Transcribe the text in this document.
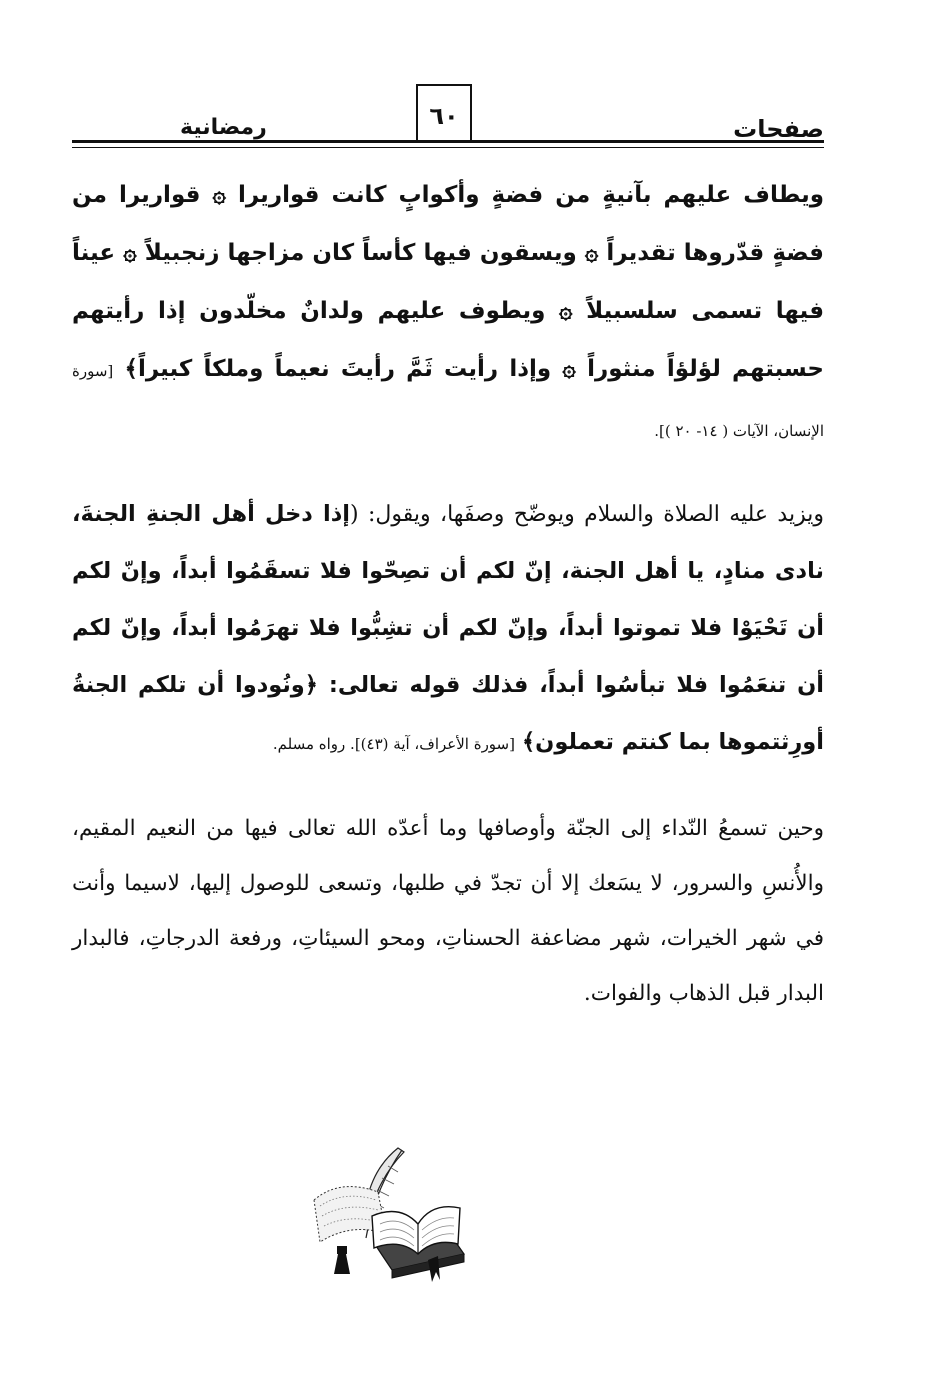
صفحات
٦٠
رمضانية

ويطاف عليهم بآنيةٍ من فضةٍ وأكوابٍ كانت قواريرا ۞ قواريرا من فضةٍ قدّروها تقديراً ۞ ويسقون فيها كأساً كان مزاجها زنجبيلاً ۞ عيناً فيها تسمى سلسبيلاً ۞ ويطوف عليهم ولدانٌ مخلّدون إذا رأيتهم حسبتهم لؤلؤاً منثوراً ۞ وإذا رأيت ثَمَّ رأيتَ نعيماً وملكاً كبيراً﴾ [سورة الإنسان، الآيات ( ١٤- ٢٠ )].

ويزيد عليه الصلاة والسلام ويوضّح وصفَها، ويقول: (إذا دخل أهل الجنةِ الجنةَ، نادى منادٍ، يا أهل الجنة، إنّ لكم أن تصِحّوا فلا تسقَمُوا أبداً، وإنّ لكم أن تَحْيَوْا فلا تموتوا أبداً، وإنّ لكم أن تشِبُّوا فلا تهرَمُوا أبداً، وإنّ لكم أن تنعَمُوا فلا تبأسُوا أبداً، فذلك قوله تعالى: ﴿ونُودوا أن تلكم الجنةُ أورِثتموها بما كنتم تعملون﴾ [سورة الأعراف، آية (٤٣)]. رواه مسلم.

وحين تسمعُ النّداء إلى الجنّة وأوصافها وما أعدّه الله تعالى فيها من النعيم المقيم، والأُنسِ والسرور، لا يسَعك إلا أن تجدّ في طلبها، وتسعى للوصول إليها، لاسيما وأنت في شهر الخيرات، شهر مضاعفة الحسناتِ، ومحو السيئاتِ، ورفعة الدرجاتِ، فالبدار البدار قبل الذهاب والفوات.
